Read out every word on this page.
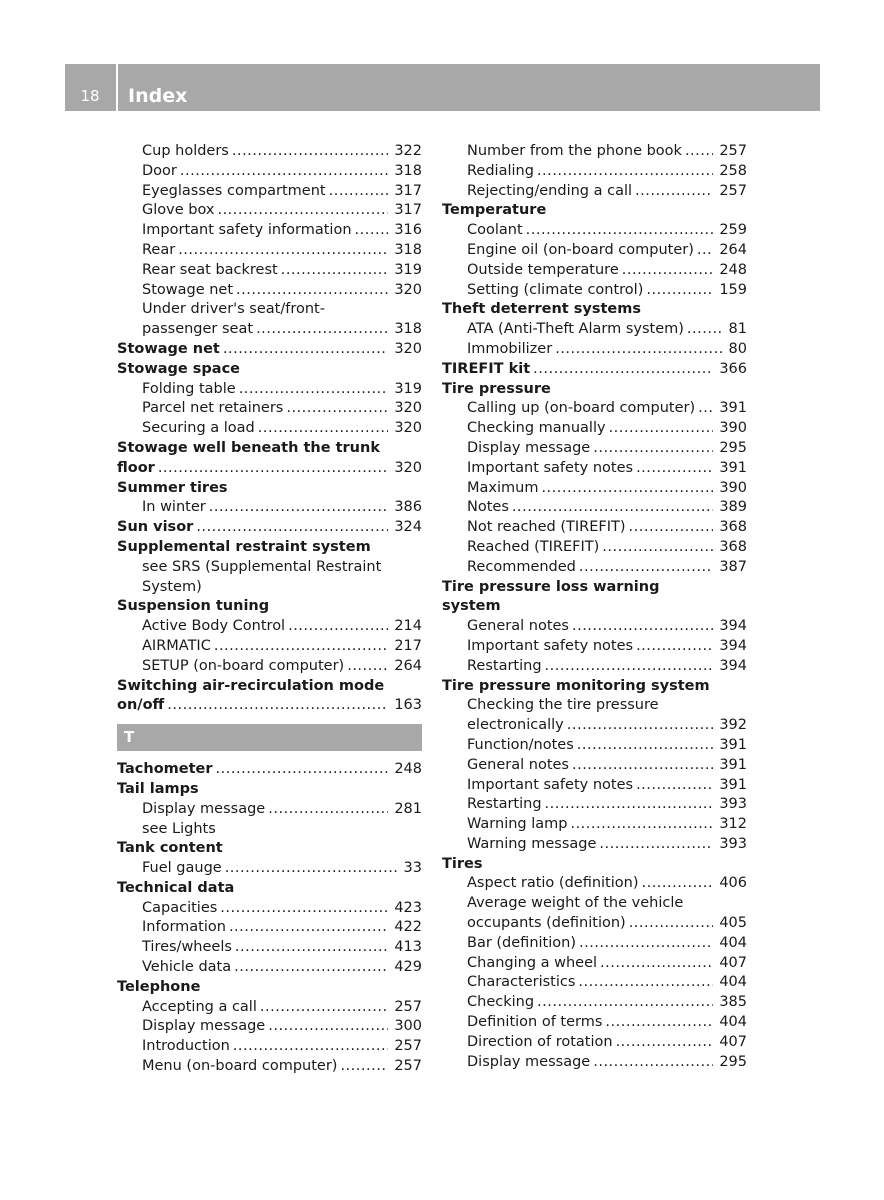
18	Index
Cup holders .....	322
Door .....	318
Eyeglasses compartment .....	317
Glove box .....	317
Important safety information .....	316
Rear .....	318
Rear seat backrest .....	319
Stowage net .....	320
Under driver's seat/front-
passenger seat .....	318
Stowage net .....	320
Stowage space
Folding table .....	319
Parcel net retainers .....	320
Securing a load .....	320
Stowage well beneath the trunk
floor .....	320
Summer tires
In winter .....	386
Sun visor .....	324
Supplemental restraint system
see SRS (Supplemental Restraint
System)
Suspension tuning
Active Body Control .....	214
AIRMATIC .....	217
SETUP (on-board computer) .....	264
Switching air-recirculation mode
on/off .....	163
T
Tachometer .....	248
Tail lamps
Display message .....	281
see Lights
Tank content
Fuel gauge .....	33
Technical data
Capacities .....	423
Information .....	422
Tires/wheels .....	413
Vehicle data .....	429
Telephone
Accepting a call .....	257
Display message .....	300
Introduction .....	257
Menu (on-board computer) .....	257
Number from the phone book .....	257
Redialing .....	258
Rejecting/ending a call .....	257
Temperature
Coolant .....	259
Engine oil (on-board computer) ..... 264
Outside temperature .....	248
Setting (climate control) .....	159
Theft deterrent systems
ATA (Anti-Theft Alarm system) .....	81
Immobilizer .....	80
TIREFIT kit .....	366
Tire pressure
Calling up (on-board computer) ..... 391
Checking manually .....	390
Display message .....	295
Important safety notes .....	391
Maximum .....	390
Notes .....	389
Not reached (TIREFIT) .....	368
Reached (TIREFIT) .....	368
Recommended .....	387
Tire pressure loss warning
system
General notes .....	394
Important safety notes .....	394
Restarting .....	394
Tire pressure monitoring system
Checking the tire pressure
electronically .....	392
Function/notes .....	391
General notes .....	391
Important safety notes .....	391
Restarting .....	393
Warning lamp .....	312
Warning message .....	393
Tires
Aspect ratio (definition) .....	406
Average weight of the vehicle
occupants (definition) .....	405
Bar (definition) .....	404
Changing a wheel .....	407
Characteristics .....	404
Checking .....	385
Definition of terms .....	404
Direction of rotation .....	407
Display message .....	295
